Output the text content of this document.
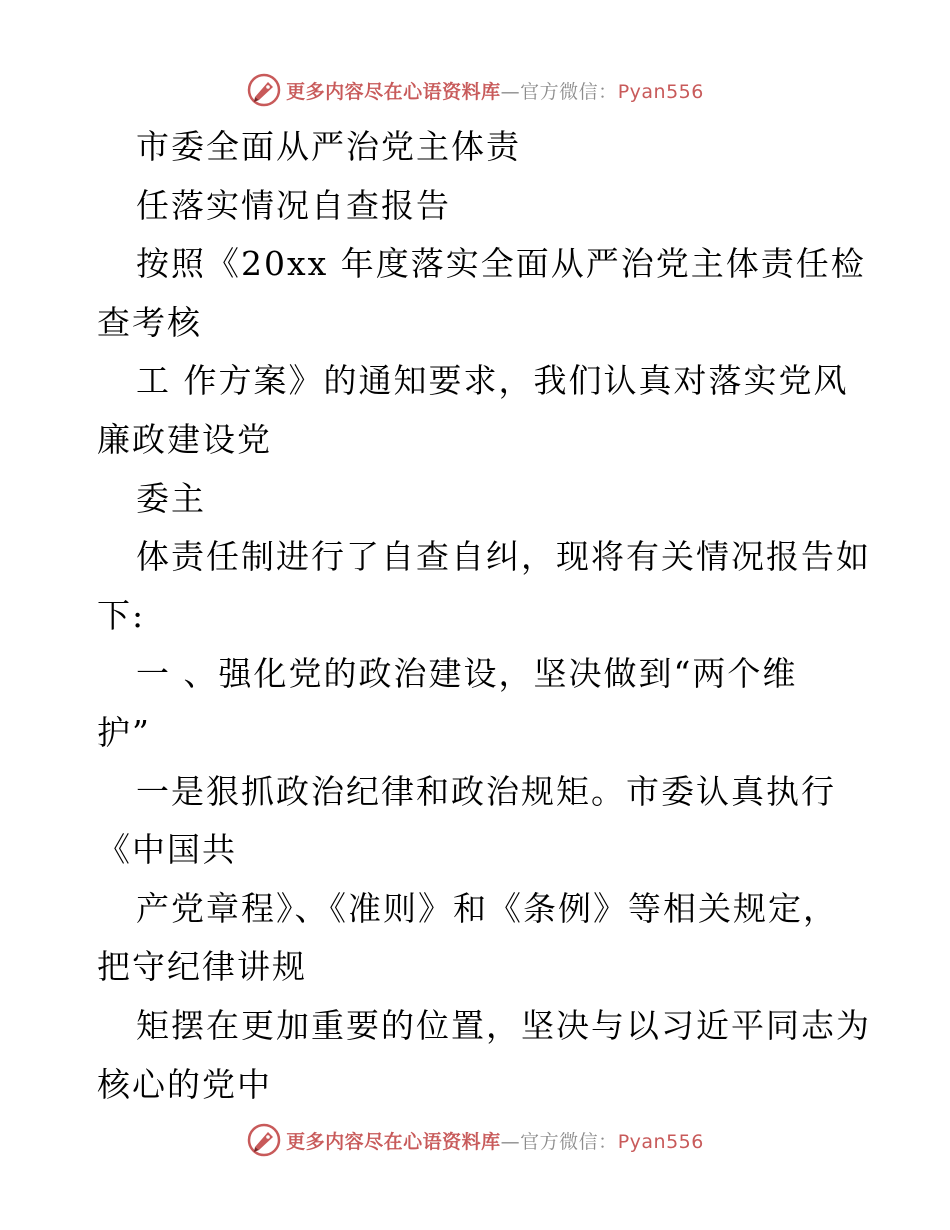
更多内容尽在心语资料库—官方微信：Pyan556
市委全面从严治党主体责
任落实情况自查报告
按照《20xx 年度落实全面从严治党主体责任检
查考核
工 作方案》的通知要求，我们认真对落实党风
廉政建设党
委主
体责任制进行了自查自纠，现将有关情况报告如
下:
一 、强化党的政治建设，坚决做到“两个维
护”
一是狠抓政治纪律和政治规矩。市委认真执行
《中国共
产党章程》、《准则》和《条例》等相关规定，
把守纪律讲规
矩摆在更加重要的位置，坚决与以习近平同志为
核心的党中
更多内容尽在心语资料库—官方微信：Pyan556
